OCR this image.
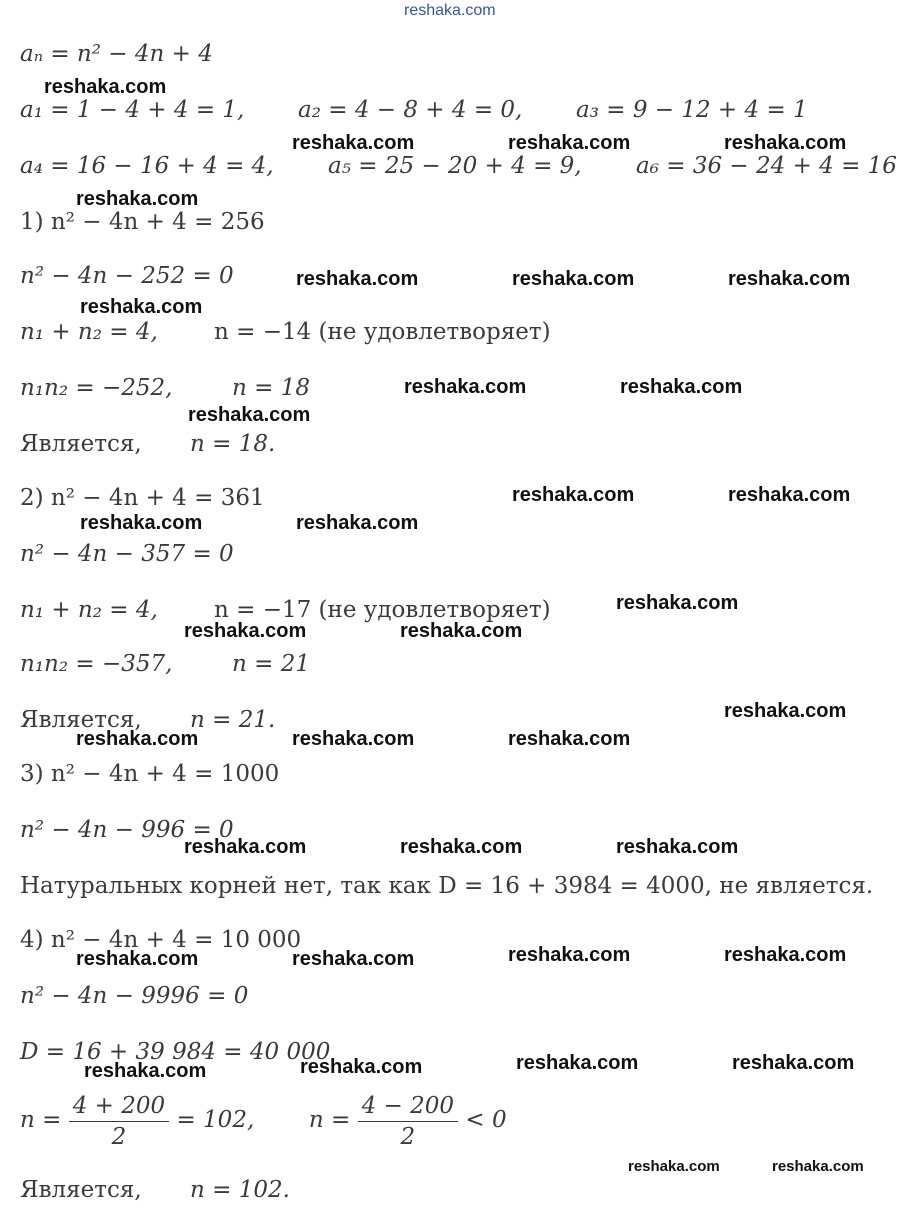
reshaka.com
aₙ = n² − 4n + 4
a₁ = 1 − 4 + 4 = 1, a₂ = 4 − 8 + 4 = 0, a₃ = 9 − 12 + 4 = 1
a₄ = 16 − 16 + 4 = 4, a₅ = 25 − 20 + 4 = 9, a₆ = 36 − 24 + 4 = 16
1) n² − 4n + 4 = 256
n² − 4n − 252 = 0
n₁ + n₂ = 4, n = −14 (не удовлетворяет)
n₁n₂ = −252,	n = 18
Является, n = 18.
2) n² − 4n + 4 = 361
n² − 4n − 357 = 0
n₁ + n₂ = 4, n = −17 (не удовлетворяет)
n₁n₂ = −357,	n = 21
Является, n = 21.
3) n² − 4n + 4 = 1000
n² − 4n − 996 = 0
Натуральных корней нет, так как D = 16 + 3984 = 4000, не является.
4) n² − 4n + 4 = 10 000
n² − 4n − 9996 = 0
D = 16 + 39 984 = 40 000
$n = \frac{4 + 200}{2} = 102$, $n = \frac{4 - 200}{2} < 0$
Является, n = 102.
reshaka.com
reshaka.com	reshaka.com	reshaka.com
reshaka.com
reshaka.com	reshaka.com	reshaka.com
reshaka.com
reshaka.com	reshaka.com
reshaka.com
reshaka.com	reshaka.com
reshaka.com	reshaka.com
reshaka.com
reshaka.com	reshaka.com
reshaka.com
reshaka.com	reshaka.com	reshaka.com
reshaka.com	reshaka.com	reshaka.com
reshaka.com	reshaka.com	reshaka.com	reshaka.com
reshaka.com	reshaka.com	reshaka.com
reshaka.com
reshaka.com	reshaka.com
